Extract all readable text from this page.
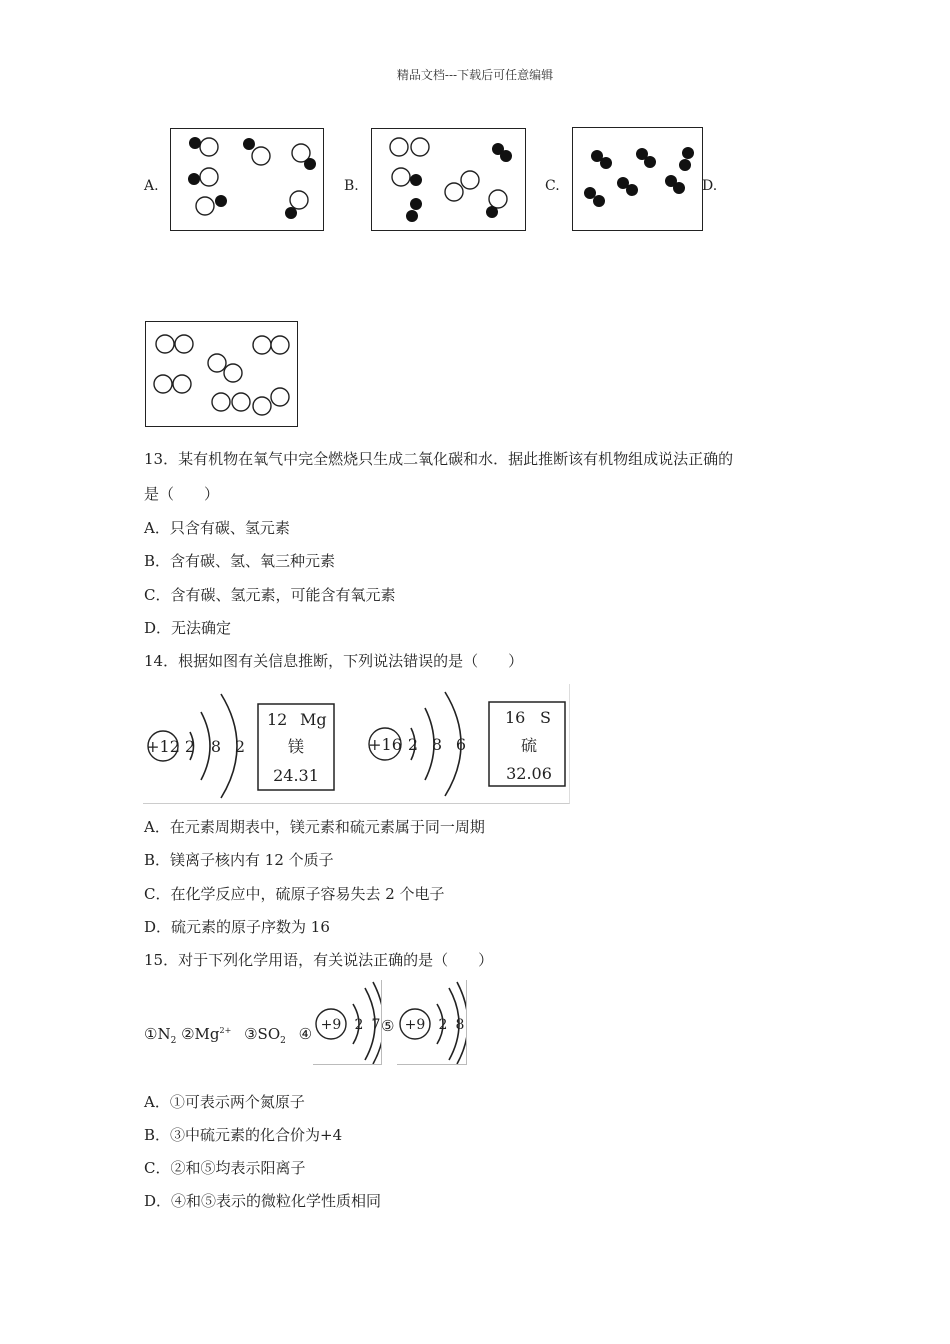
精品文档---下载后可任意编辑
A.	B.	C.	D.
13．某有机物在氧气中完全燃烧只生成二氧化碳和水．据此推断该有机物组成说法正确的
是（　　）
A．只含有碳、氢元素
B．含有碳、氢、氧三种元素
C．含有碳、氢元素，可能含有氧元素
D．无法确定
14．根据如图有关信息推断，下列说法错误的是（　　）
+12 2 8 2
12 Mg
镁
24.31
+16 2 8 6
16 S
硫
32.06
A．在元素周期表中，镁元素和硫元素属于同一周期
B．镁离子核内有 12 个质子
C．在化学反应中，硫原子容易失去 2 个电子
D．硫元素的原子序数为 16
15．对于下列化学用语，有关说法正确的是（　　）
$①N_2$ $②Mg^{2+}$ $③SO_2$ ④ +9 2 7 ⑤ +9 2 8
A．①可表示两个氮原子
B．③中硫元素的化合价为+4
C．②和⑤均表示阳离子
D．④和⑤表示的微粒化学性质相同
